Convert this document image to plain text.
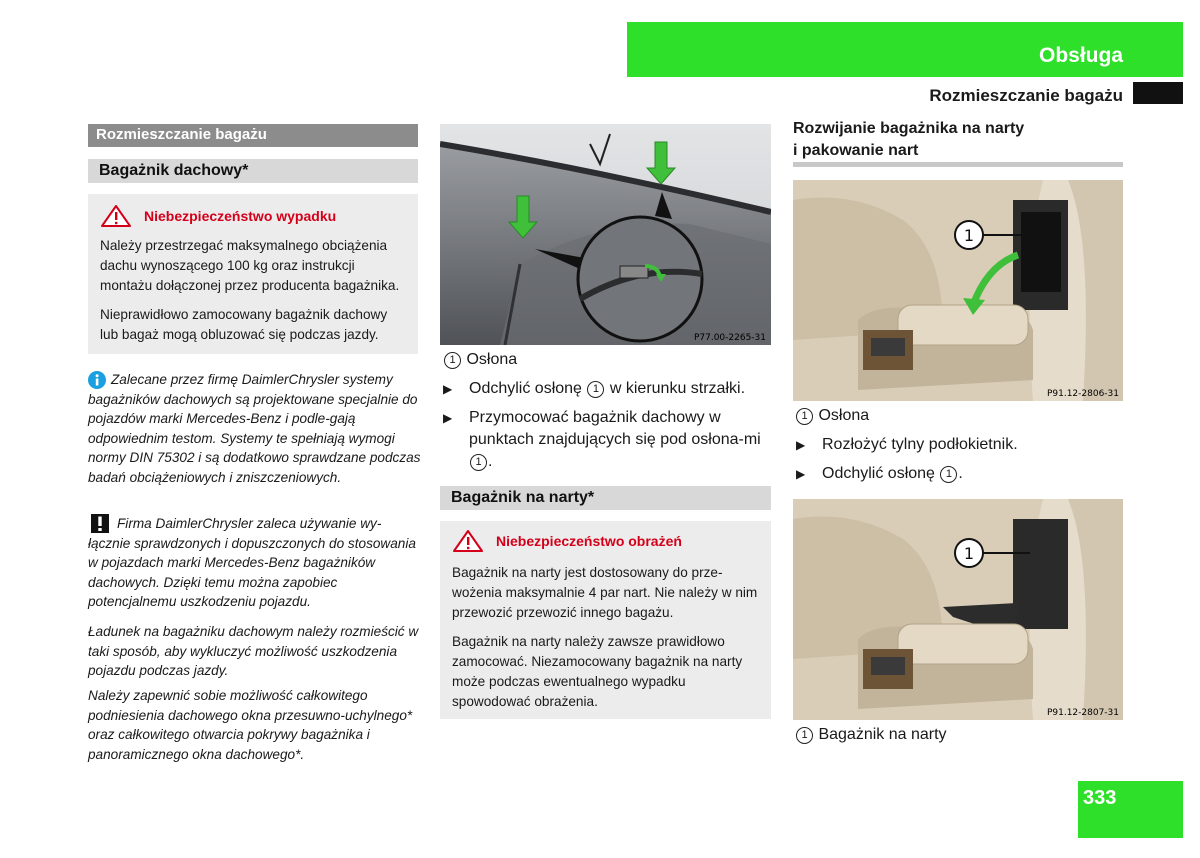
Obsługa
Rozmieszczanie bagażu
Rozmieszczanie bagażu
Bagażnik dachowy*
Niebezpieczeństwo wypadku

Należy przestrzegać maksymalnego obciążenia dachu wynoszącego 100 kg oraz instrukcji montażu dołączonej przez producenta bagażnika.

Nieprawidłowo zamocowany bagażnik dachowy lub bagaż mogą obluzować się podczas jazdy.

Zalecane przez firmę DaimlerChrysler systemy bagażników dachowych są projektowane specjalnie do pojazdów marki Mercedes-Benz i podle-gają odpowiednim testom. Systemy te spełniają wymogi normy DIN 75302 i są dodatkowo sprawdzane podczas badań obciążeniowych i zniszczeniowych.
Firma DaimlerChrysler zaleca używanie wy-łącznie sprawdzonych i dopuszczonych do stosowania w pojazdach marki Mercedes-Benz bagażników dachowych. Dzięki temu można zapobiec potencjalnemu uszkodzeniu pojazdu.
Ładunek na bagażniku dachowym należy rozmieścić w taki sposób, aby wykluczyć możliwość uszkodzenia pojazdu podczas jazdy.
Należy zapewnić sobie możliwość całkowitego podniesienia dachowego okna przesuwno-uchylnego* oraz całkowitego otwarcia pokrywy bagażnika i panoramicznego okna dachowego*.
P77.00-2265-31
1 Osłona
▶	Odchylić osłonę 1 w kierunku strzałki.
▶	Przymocować bagażnik dachowy w punktach znajdujących się pod osłona-mi 1 .
Bagażnik na narty*
Niebezpieczeństwo obrażeń

Bagażnik na narty jest dostosowany do prze-wożenia maksymalnie 4 par nart. Nie należy w nim przewozić przewozić innego bagażu.

Bagażnik na narty należy zawsze prawidłowo zamocować. Niezamocowany bagażnik na narty może podczas ewentualnego wypadku spowodować obrażenia.

Rozwijanie bagażnika na narty
i pakowanie nart
1
P91.12-2806-31
1 Osłona
▶	Rozłożyć tylny podłokietnik.
▶	Odchylić osłonę 1 .
1
P91.12-2807-31
1 Bagażnik na narty
333
